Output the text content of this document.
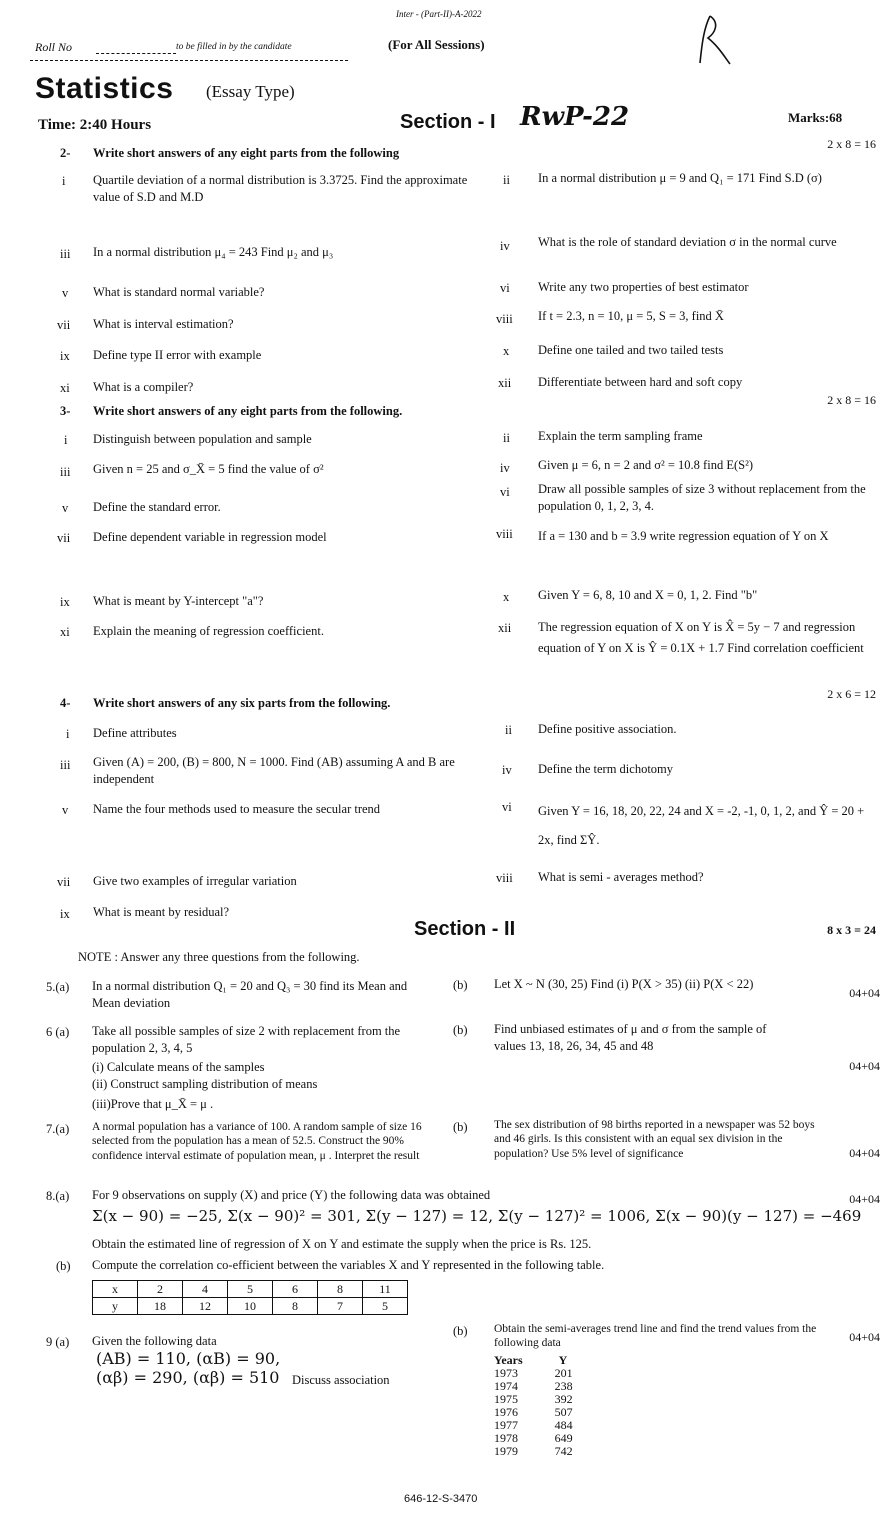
Inter - (Part-II)-A-2022
Roll No	to be filled in by the candidate	(For All Sessions)
Statistics (Essay Type)
Time: 2:40 Hours	Section - I RwP-22	Marks:68
2 x 8 = 16
2- Write short answers of any eight parts from the following
i Quartile deviation of a normal distribution is 3.3725. Find the approximate value of S.D and M.D
iii In a normal distribution μ₄ = 243 Find μ₂ and μ₃
v What is standard normal variable?
vii What is interval estimation?
ix Define type II error with example
xi What is a compiler?
ii In a normal distribution μ = 9 and Q₁ = 171 Find S.D (σ)
iv What is the role of standard deviation σ in the normal curve
vi Write any two properties of best estimator
viii If t = 2.3, n = 10, μ = 5, S = 3, find X̄
x Define one tailed and two tailed tests
xii Differentiate between hard and soft copy
2 x 8 = 16
3- Write short answers of any eight parts from the following.
i Distinguish between population and sample
iii Given n = 25 and σ_X̄ = 5 find the value of σ²
v Define the standard error.
vii Define dependent variable in regression model
ix What is meant by Y-intercept "a"?
xi Explain the meaning of regression coefficient.
ii Explain the term sampling frame
iv Given μ = 6, n = 2 and σ² = 10.8 find E(S²)
vi Draw all possible samples of size 3 without replacement from the population 0, 1, 2, 3, 4.
viii If a = 130 and b = 3.9 write regression equation of Y on X
x Given Y = 6, 8, 10 and X = 0, 1, 2. Find "b"
xii The regression equation of X on Y is X̂ = 5y − 7 and regression equation of Y on X is Ŷ = 0.1X + 1.7 Find correlation coefficient
2 x 6 = 12
4- Write short answers of any six parts from the following.
i Define attributes
iii Given (A) = 200, (B) = 800, N = 1000. Find (AB) assuming A and B are independent
v Name the four methods used to measure the secular trend
vii Give two examples of irregular variation
ix What is meant by residual?
ii Define positive association.
iv Define the term dichotomy
vi Given Y = 16, 18, 20, 22, 24 and X = -2, -1, 0, 1, 2, and Ŷ = 20 + 2x, find ΣŶ.
viii What is semi - averages method?
Section - II	8 x 3 = 24
NOTE : Answer any three questions from the following.
5.(a) In a normal distribution Q₁ = 20 and Q₃ = 30 find its Mean and Mean deviation
(b) Let X ~ N (30, 25) Find (i) P(X > 35) (ii) P(X < 22)
04+04
6 (a) Take all possible samples of size 2 with replacement from the population 2, 3, 4, 5
(i) Calculate means of the samples
(ii) Construct sampling distribution of means
(iii)Prove that μ_X̄ = μ .
(b) Find unbiased estimates of μ and σ from the sample of values 13, 18, 26, 34, 45 and 48
04+04
7.(a) A normal population has a variance of 100. A random sample of size 16 selected from the population has a mean of 52.5. Construct the 90% confidence interval estimate of population mean, μ . Interpret the result
(b) The sex distribution of 98 births reported in a newspaper was 52 boys and 46 girls. Is this consistent with an equal sex division in the population? Use 5% level of significance	04+04
8.(a) For 9 observations on supply (X) and price (Y) the following data was obtained	04+04
Σ(x − 90) = −25, Σ(x − 90)² = 301, Σ(y − 127) = 12, Σ(y − 127)² = 1006, Σ(x − 90)(y − 127) = −469
Obtain the estimated line of regression of X on Y and estimate the supply when the price is Rs. 125.
(b) Compute the correlation co-efficient between the variables X and Y represented in the following table.
x	2	4	5	6	8	11
y	18	12	10	8	7	5
9 (a) Given the following data
(AB) = 110, (αB) = 90,
(αβ) = 290, (αβ) = 510 Discuss association
(b) Obtain the semi-averages trend line and find the trend values from the following data	04+04
Years	Y
1973	201
1974	238
1975	392
1976	507
1977	484
1978	649
1979	742
646-12-S-3470
